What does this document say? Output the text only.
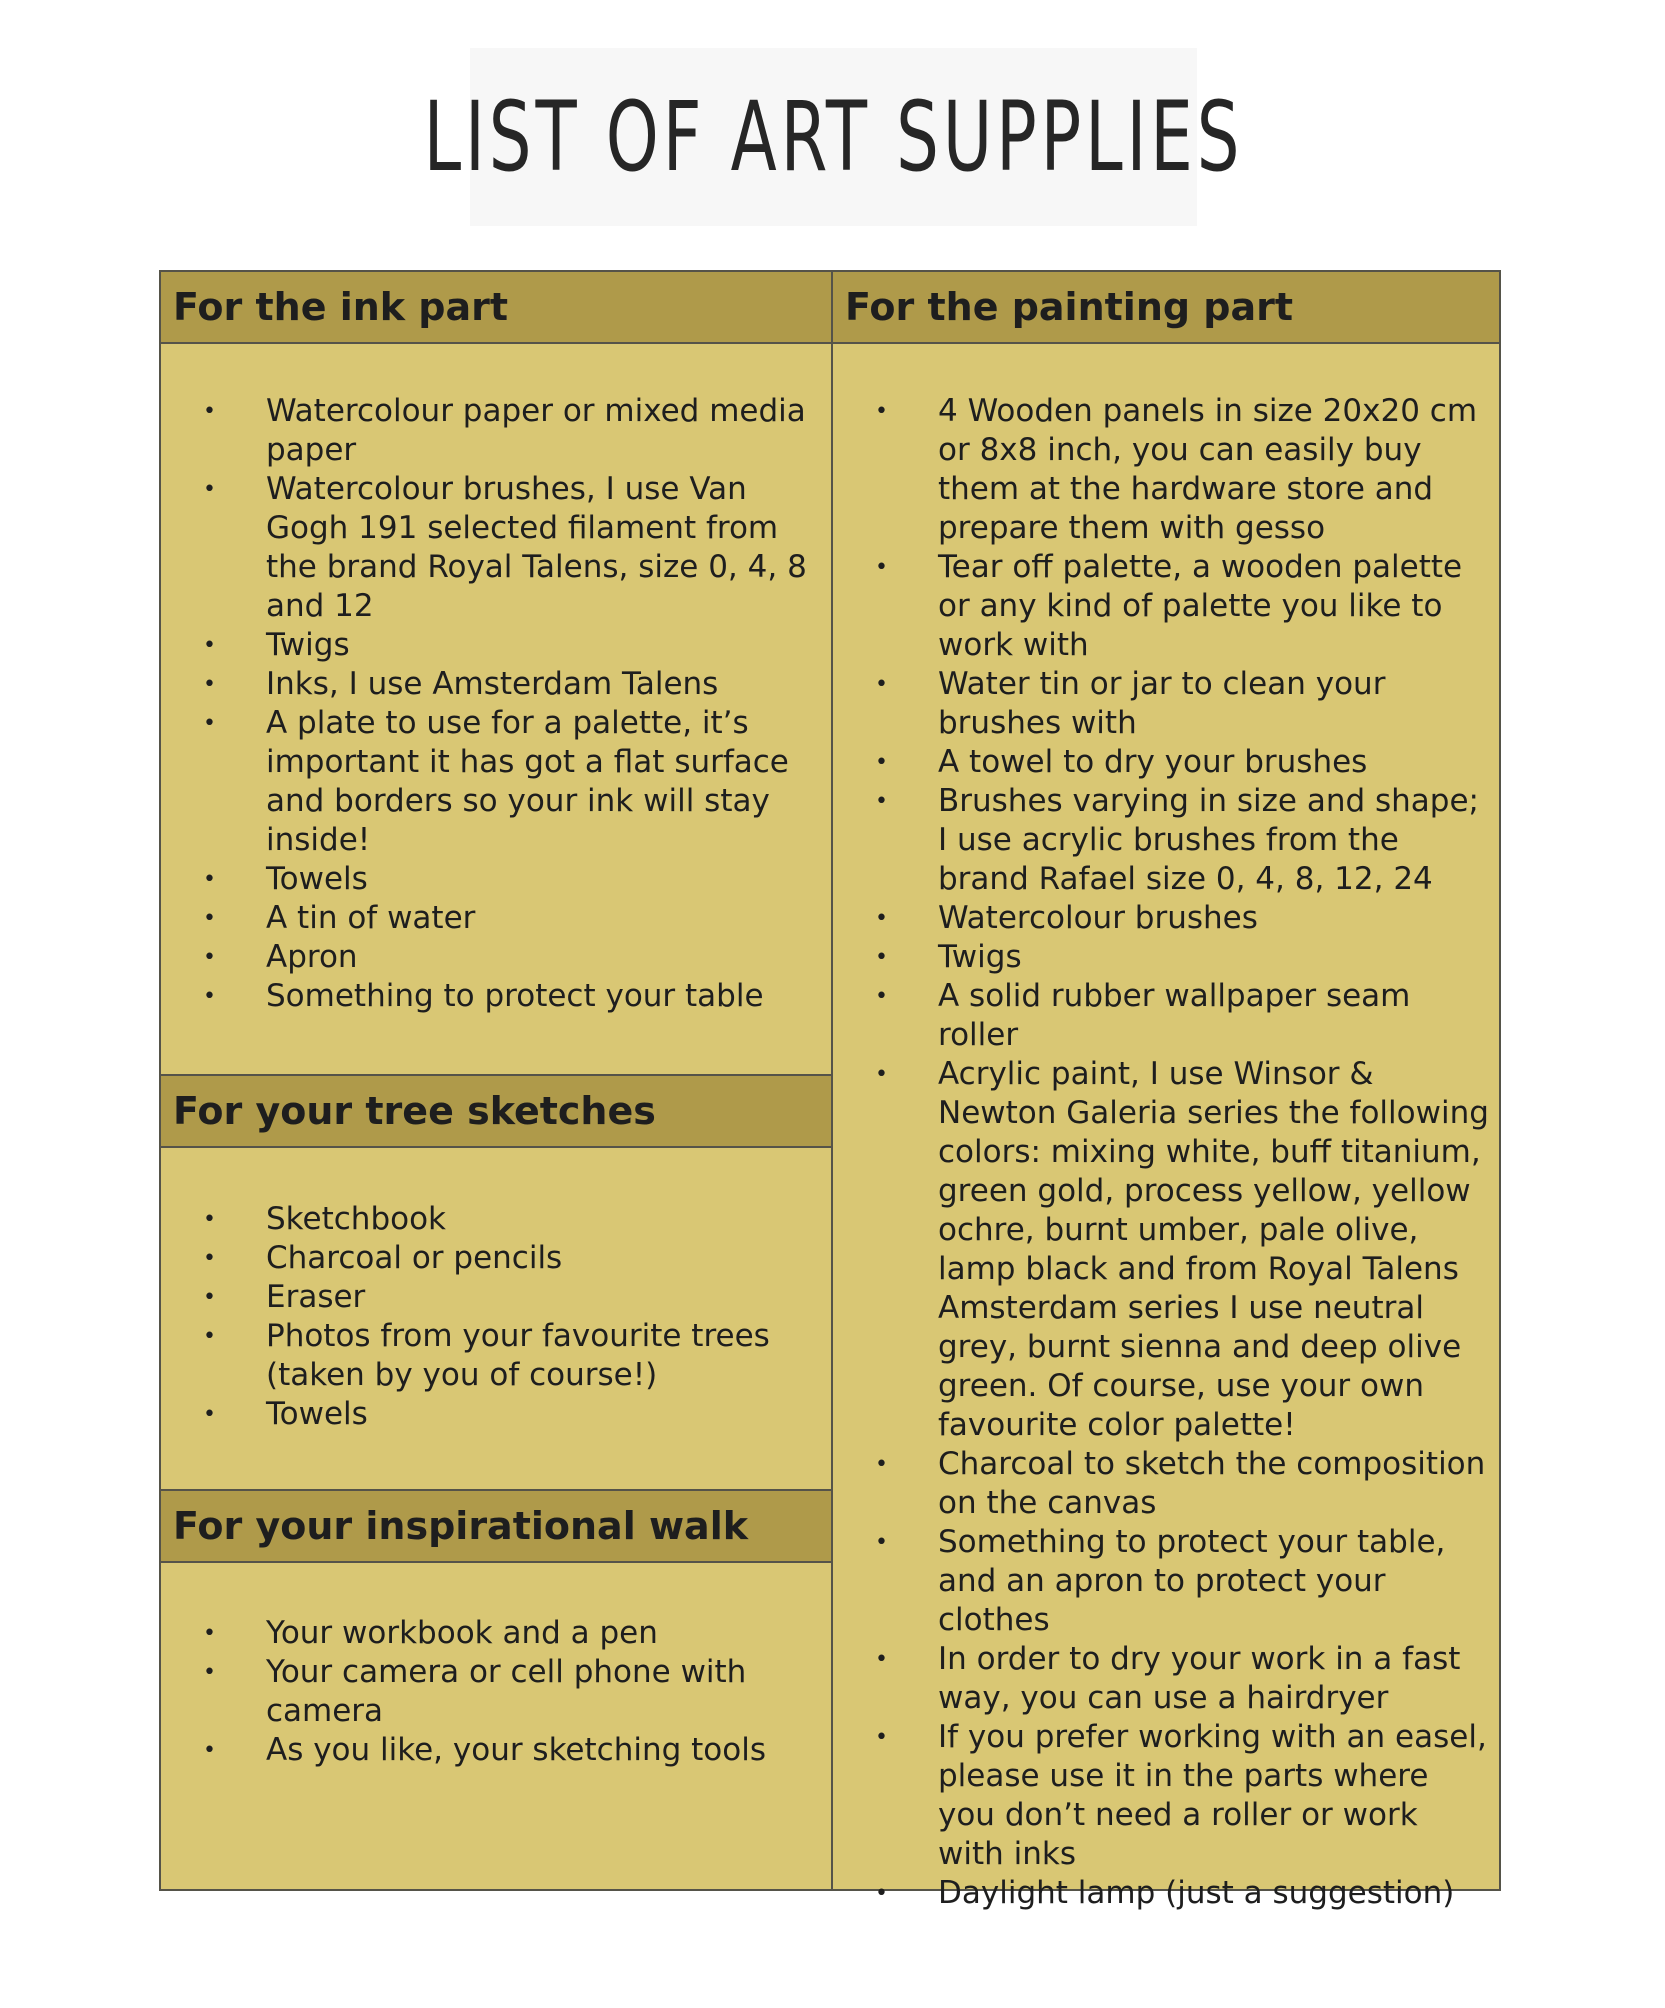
LIST OF ART SUPPLIES
For the ink part
• Watercolour paper or mixed media paper
• Watercolour brushes, I use Van Gogh 191 selected filament from the brand Royal Talens, size 0, 4, 8 and 12
• Twigs
• Inks, I use Amsterdam Talens
• A plate to use for a palette, it’s important it has got a flat surface and borders so your ink will stay inside!
• Towels
• A tin of water
• Apron
• Something to protect your table
For your tree sketches
• Sketchbook
• Charcoal or pencils
• Eraser
• Photos from your favourite trees (taken by you of course!)
• Towels
For your inspirational walk
• Your workbook and a pen
• Your camera or cell phone with camera
• As you like, your sketching tools
For the painting part
• 4 Wooden panels in size 20x20 cm or 8x8 inch, you can easily buy them at the hardware store and prepare them with gesso
• Tear off palette, a wooden palette or any kind of palette you like to work with
• Water tin or jar to clean your brushes with
• A towel to dry your brushes
• Brushes varying in size and shape; I use acrylic brushes from the brand Rafael size 0, 4, 8, 12, 24
• Watercolour brushes
• Twigs
• A solid rubber wallpaper seam roller
• Acrylic paint, I use Winsor & Newton Galeria series the following colors: mixing white, buff titanium, green gold, process yellow, yellow ochre, burnt umber, pale olive, lamp black and from Royal Talens Amsterdam series I use neutral grey, burnt sienna and deep olive green. Of course, use your own favourite color palette!
• Charcoal to sketch the composition on the canvas
• Something to protect your table, and an apron to protect your clothes
• In order to dry your work in a fast way, you can use a hairdryer
• If you prefer working with an easel, please use it in the parts where you don’t need a roller or work with inks
• Daylight lamp (just a suggestion)
